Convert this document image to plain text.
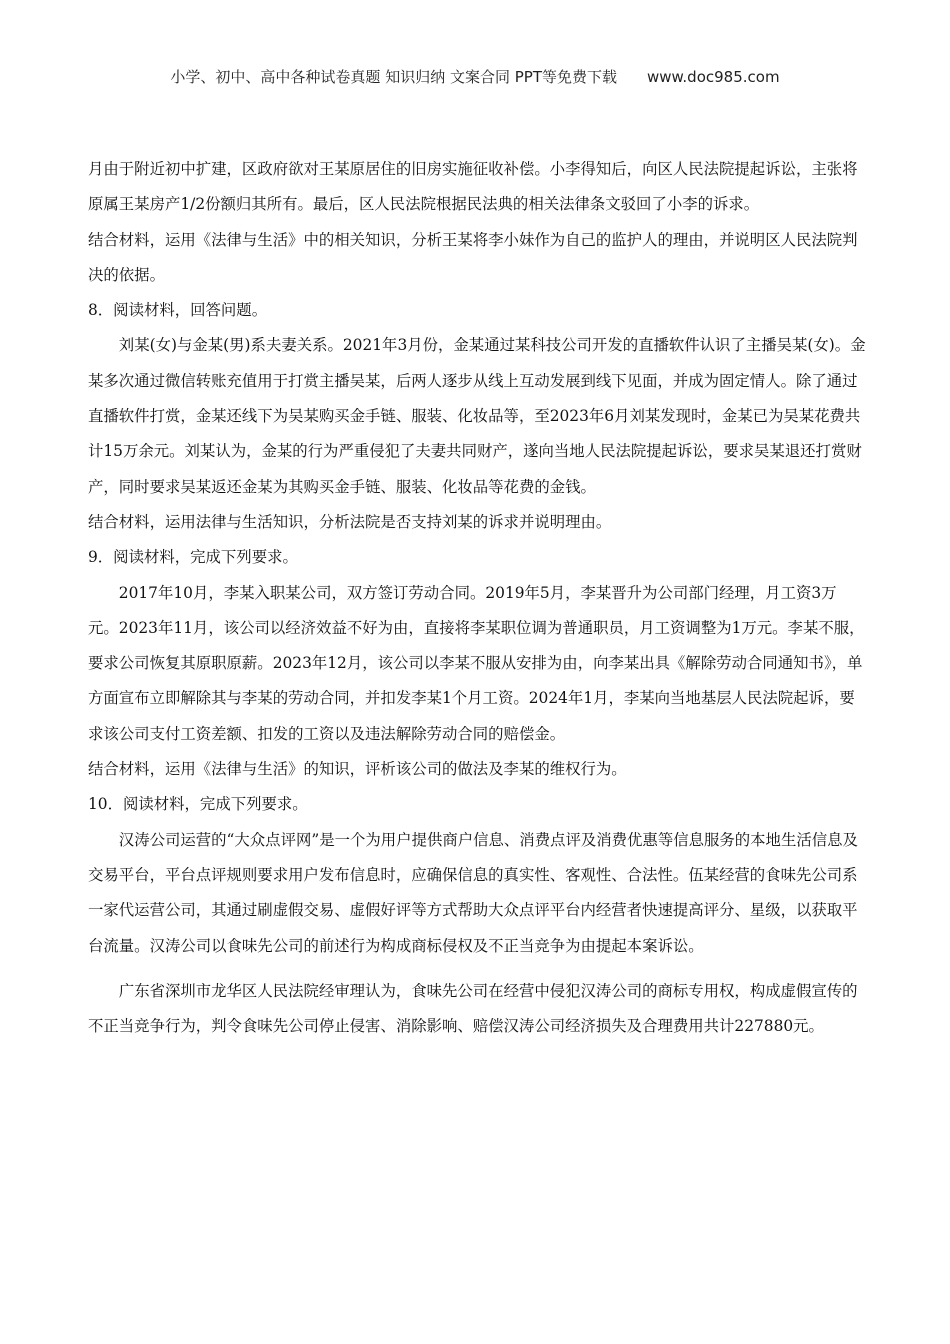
小学、初中、高中各种试卷真题 知识归纳 文案合同 PPT等免费下载 www.doc985.com

月由于附近初中扩建，区政府欲对王某原居住的旧房实施征收补偿。小李得知后，向区人民法院提起诉讼，主张将原属王某房产1/2份额归其所有。最后，区人民法院根据民法典的相关法律条文驳回了小李的诉求。

结合材料，运用《法律与生活》中的相关知识，分析王某将李小妹作为自己的监护人的理由，并说明区人民法院判决的依据。

8．阅读材料，回答问题。

刘某(女)与金某(男)系夫妻关系。2021年3月份，金某通过某科技公司开发的直播软件认识了主播吴某(女)。金某多次通过微信转账充值用于打赏主播吴某，后两人逐步从线上互动发展到线下见面，并成为固定情人。除了通过直播软件打赏，金某还线下为吴某购买金手链、服装、化妆品等，至2023年6月刘某发现时，金某已为吴某花费共计15万余元。刘某认为，金某的行为严重侵犯了夫妻共同财产，遂向当地人民法院提起诉讼，要求吴某退还打赏财产，同时要求吴某返还金某为其购买金手链、服装、化妆品等花费的金钱。

结合材料，运用法律与生活知识，分析法院是否支持刘某的诉求并说明理由。

9．阅读材料，完成下列要求。

2017年10月，李某入职某公司，双方签订劳动合同。2019年5月，李某晋升为公司部门经理，月工资3万元。2023年11月，该公司以经济效益不好为由，直接将李某职位调为普通职员，月工资调整为1万元。李某不服，要求公司恢复其原职原薪。2023年12月，该公司以李某不服从安排为由，向李某出具《解除劳动合同通知书》，单方面宣布立即解除其与李某的劳动合同，并扣发李某1个月工资。2024年1月，李某向当地基层人民法院起诉，要求该公司支付工资差额、扣发的工资以及违法解除劳动合同的赔偿金。

结合材料，运用《法律与生活》的知识，评析该公司的做法及李某的维权行为。

10．阅读材料，完成下列要求。

汉涛公司运营的“大众点评网”是一个为用户提供商户信息、消费点评及消费优惠等信息服务的本地生活信息及交易平台，平台点评规则要求用户发布信息时，应确保信息的真实性、客观性、合法性。伍某经营的食味先公司系一家代运营公司，其通过刷虚假交易、虚假好评等方式帮助大众点评平台内经营者快速提高评分、星级，以获取平台流量。汉涛公司以食味先公司的前述行为构成商标侵权及不正当竞争为由提起本案诉讼。

广东省深圳市龙华区人民法院经审理认为，食味先公司在经营中侵犯汉涛公司的商标专用权，构成虚假宣传的不正当竞争行为，判令食味先公司停止侵害、消除影响、赔偿汉涛公司经济损失及合理费用共计227880元。
